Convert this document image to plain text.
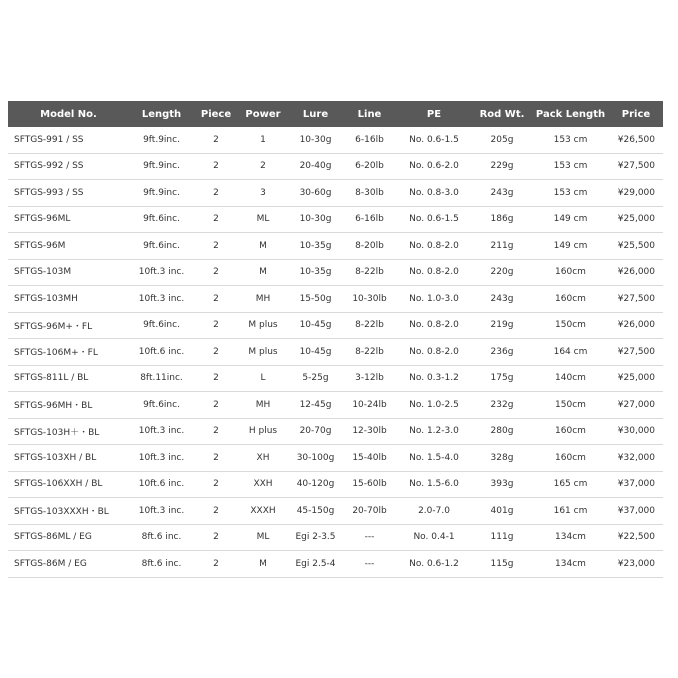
Model No.	Length	Piece	Power	Lure	Line	PE	Rod Wt.	Pack Length	Price
SFTGS-991 / SS	9ft.9inc.	2	1	10-30g	6-16lb	No. 0.6-1.5	205g	153 cm	¥26,500
SFTGS-992 / SS	9ft.9inc.	2	2	20-40g	6-20lb	No. 0.6-2.0	229g	153 cm	¥27,500
SFTGS-993 / SS	9ft.9inc.	2	3	30-60g	8-30lb	No. 0.8-3.0	243g	153 cm	¥29,000
SFTGS-96ML	9ft.6inc.	2	ML	10-30g	6-16lb	No. 0.6-1.5	186g	149 cm	¥25,000
SFTGS-96M	9ft.6inc.	2	M	10-35g	8-20lb	No. 0.8-2.0	211g	149 cm	¥25,500
SFTGS-103M	10ft.3 inc.	2	M	10-35g	8-22lb	No. 0.8-2.0	220g	160cm	¥26,000
SFTGS-103MH	10ft.3 inc.	2	MH	15-50g	10-30lb	No. 1.0-3.0	243g	160cm	¥27,500
SFTGS-96M+・FL	9ft.6inc.	2	M plus	10-45g	8-22lb	No. 0.8-2.0	219g	150cm	¥26,000
SFTGS-106M+・FL	10ft.6 inc.	2	M plus	10-45g	8-22lb	No. 0.8-2.0	236g	164 cm	¥27,500
SFTGS-811L / BL	8ft.11inc.	2	L	5-25g	3-12lb	No. 0.3-1.2	175g	140cm	¥25,000
SFTGS-96MH・BL	9ft.6inc.	2	MH	12-45g	10-24lb	No. 1.0-2.5	232g	150cm	¥27,000
SFTGS-103H＋・BL	10ft.3 inc.	2	H plus	20-70g	12-30lb	No. 1.2-3.0	280g	160cm	¥30,000
SFTGS-103XH / BL	10ft.3 inc.	2	XH	30-100g	15-40lb	No. 1.5-4.0	328g	160cm	¥32,000
SFTGS-106XXH / BL	10ft.6 inc.	2	XXH	40-120g	15-60lb	No. 1.5-6.0	393g	165 cm	¥37,000
SFTGS-103XXXH・BL	10ft.3 inc.	2	XXXH	45-150g	20-70lb	2.0-7.0	401g	161 cm	¥37,000
SFTGS-86ML / EG	8ft.6 inc.	2	ML	Egi 2-3.5	---	No. 0.4-1	111g	134cm	¥22,500
SFTGS-86M / EG	8ft.6 inc.	2	M	Egi 2.5-4	---	No. 0.6-1.2	115g	134cm	¥23,000
